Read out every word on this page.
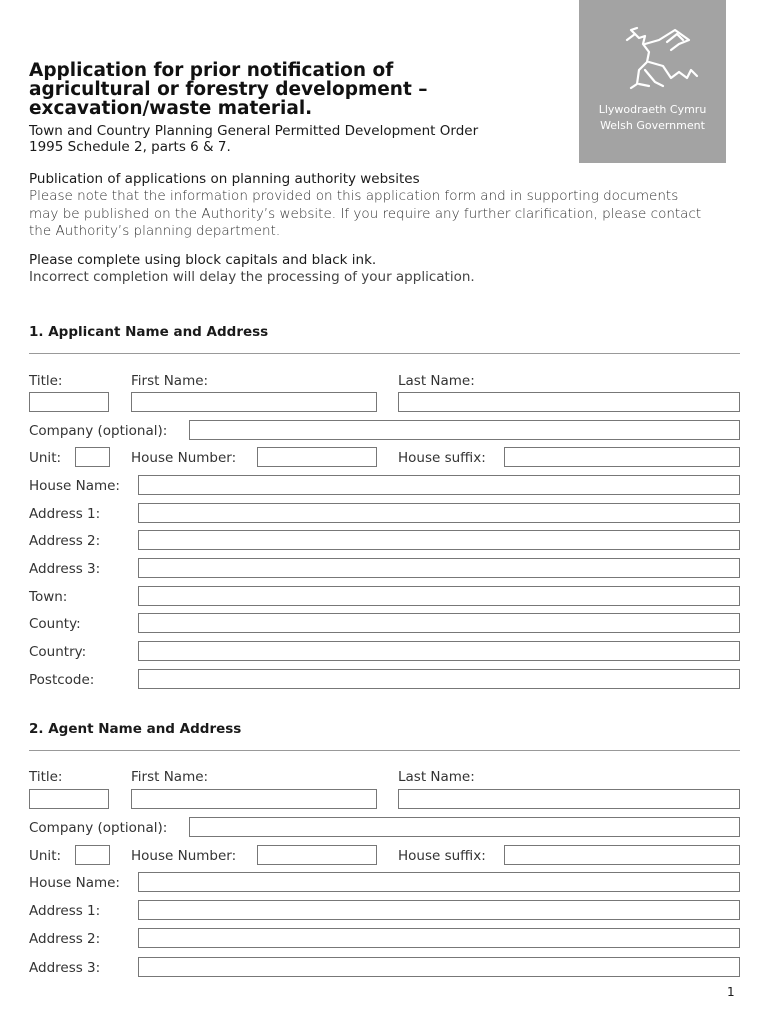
Llywodraeth Cymru
Welsh Government
Application for prior notification of
agricultural or forestry development –
excavation/waste material.
Town and Country Planning General Permitted Development Order
1995 Schedule 2, parts 6 & 7.
Publication of applications on planning authority websites
Please note that the information provided on this application form and in supporting documents
may be published on the Authority’s website. If you require any further clarification, please contact
the Authority’s planning department.
Please complete using block capitals and black ink.
Incorrect completion will delay the processing of your application.
1. Applicant Name and Address
Title:	First Name:	Last Name:
Company (optional):
Unit:	House Number:	House suffix:
House Name:
Address 1:
Address 2:
Address 3:
Town:
County:
Country:
Postcode:
2. Agent Name and Address
Title:	First Name:	Last Name:
Company (optional):
Unit:	House Number:	House suffix:
House Name:
Address 1:
Address 2:
Address 3:
1
